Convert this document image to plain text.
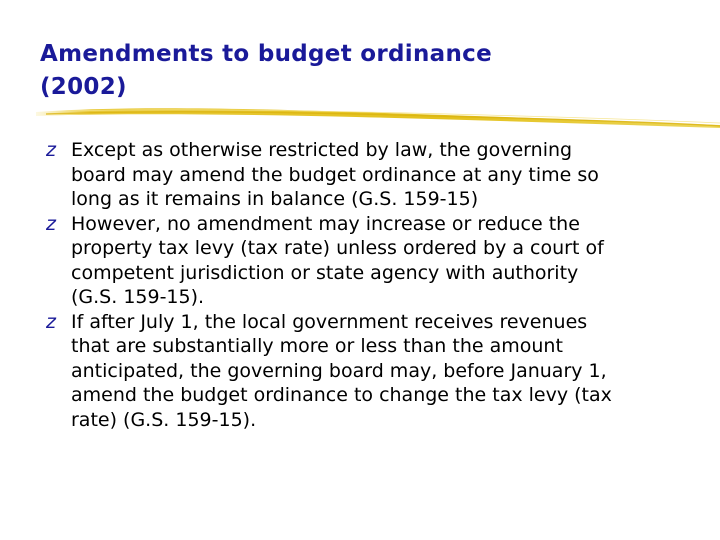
Amendments to budget ordinance
(2002)
z Except as otherwise restricted by law, the governing
board may amend the budget ordinance at any time so
long as it remains in balance (G.S. 159-15)
z However, no amendment may increase or reduce the
property tax levy (tax rate) unless ordered by a court of
competent jurisdiction or state agency with authority
(G.S. 159-15).
z If after July 1, the local government receives revenues
that are substantially more or less than the amount
anticipated, the governing board may, before January 1,
amend the budget ordinance to change the tax levy (tax
rate) (G.S. 159-15).
